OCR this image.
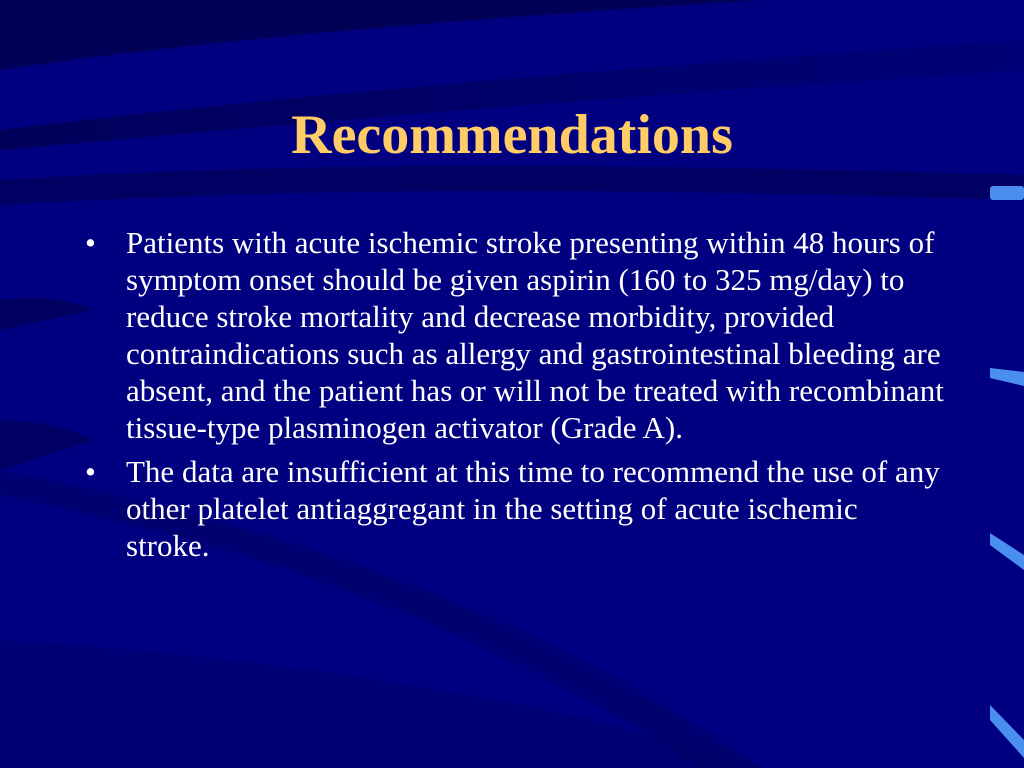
Recommendations
• Patients with acute ischemic stroke presenting within 48 hours of symptom onset should be given aspirin (160 to 325 mg/day) to reduce stroke mortality and decrease morbidity, provided contraindications such as allergy and gastrointestinal bleeding are absent, and the patient has or will not be treated with recombinant tissue-type plasminogen activator (Grade A).
• The data are insufficient at this time to recommend the use of any other platelet antiaggregant in the setting of acute ischemic stroke.
